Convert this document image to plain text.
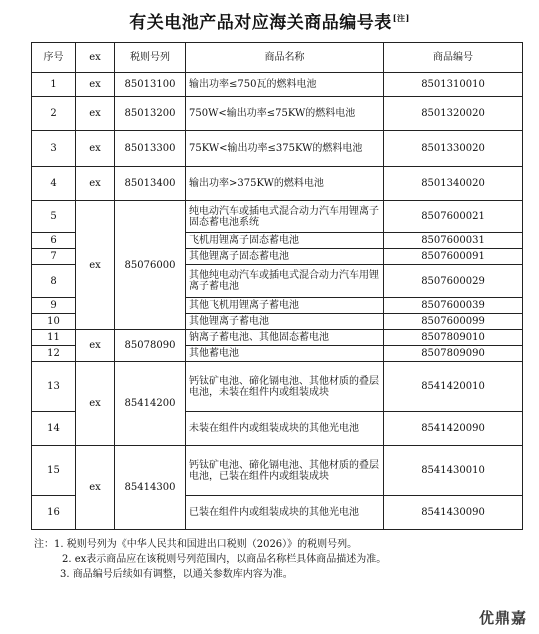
有关电池产品对应海关商品编号表[注]
序号	ex	税则号列	商品名称	商品编号
1	ex	85013100	输出功率≤750瓦的燃料电池	8501310010
2	ex	85013200	750W<输出功率≤75KW的燃料电池	8501320020
3	ex	85013300	75KW<输出功率≤375KW的燃料电池	8501330020
4	ex	85013400	输出功率>375KW的燃料电池	8501340020
5	ex	85076000	纯电动汽车或插电式混合动力汽车用锂离子固态蓄电池系统	8507600021
6			飞机用锂离子固态蓄电池	8507600031
7			其他锂离子固态蓄电池	8507600091
8			其他纯电动汽车或插电式混合动力汽车用锂离子蓄电池	8507600029
9			其他飞机用锂离子蓄电池	8507600039
10			其他锂离子蓄电池	8507600099
11	ex	85078090	钠离子蓄电池、其他固态蓄电池	8507809010
12			其他蓄电池	8507809090
13	ex	85414200	钙钛矿电池、碲化镉电池、其他材质的叠层电池，未装在组件内或组装成块	8541420010
14			未装在组件内或组装成块的其他光电池	8541420090
15	ex	85414300	钙钛矿电池、碲化镉电池、其他材质的叠层电池，已装在组件内或组装成块	8541430010
16			已装在组件内或组装成块的其他光电池	8541430090
注：1. 税则号列为《中华人民共和国进出口税则（2026）》的税则号列。
2. ex表示商品应在该税则号列范围内，以商品名称栏具体商品描述为准。
3. 商品编号后续如有调整，以通关参数库内容为准。
优鼎嘉
